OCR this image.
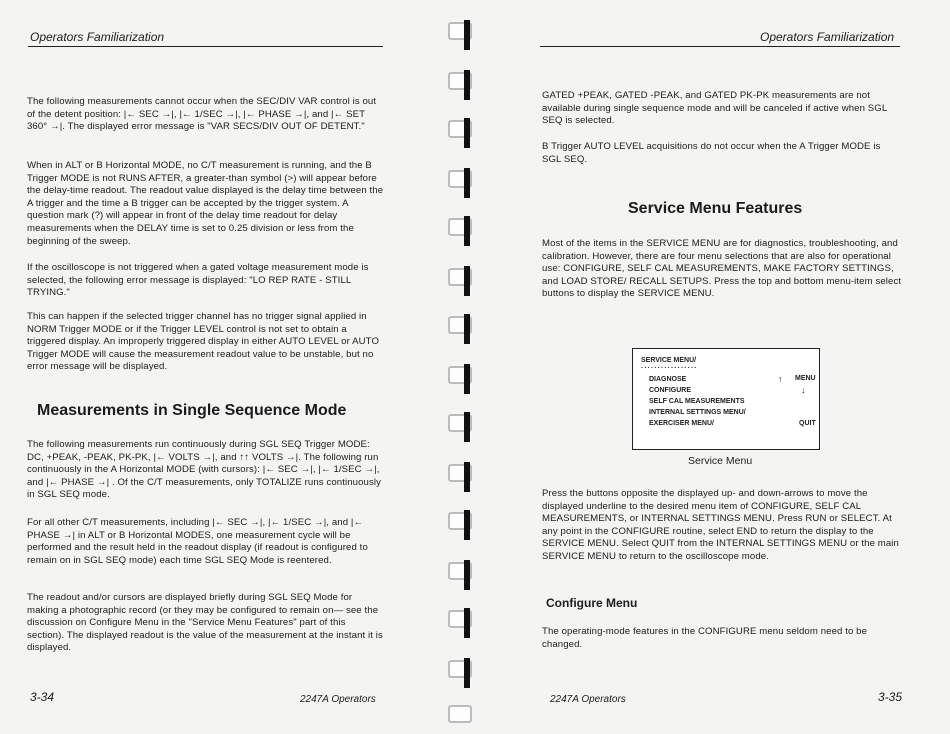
Operators Familiarization

The following measurements cannot occur when the SEC/DIV VAR control is out of the detent position: |← SEC →|, |← 1/SEC →|, |← PHASE →|, and |← SET 360° →|. The displayed error message is "VAR SECS/DIV OUT OF DETENT."

When in ALT or B Horizontal MODE, no C/T measurement is running, and the B Trigger MODE is not RUNS AFTER, a greater-than symbol (>) will appear before the delay-time readout. The readout value displayed is the delay time between the A trigger and the time a B trigger can be accepted by the trigger system. A question mark (?) will appear in front of the delay time readout for delay measurements when the DELAY time is set to 0.25 division or less from the beginning of the sweep.

If the oscilloscope is not triggered when a gated voltage measurement mode is selected, the following error message is displayed: "LO REP RATE - STILL TRYING."

This can happen if the selected trigger channel has no trigger signal applied in NORM Trigger MODE or if the Trigger LEVEL control is not set to obtain a triggered display. An improperly triggered display in either AUTO LEVEL or AUTO Trigger MODE will cause the measurement readout value to be unstable, but no error message will be displayed.

Measurements in Single Sequence Mode

The following measurements run continuously during SGL SEQ Trigger MODE: DC, +PEAK, -PEAK, PK-PK, |← VOLTS →|, and ↑↑ VOLTS →|. The following run continuously in the A Horizontal MODE (with cursors): |← SEC →|, |← 1/SEC →|, and |← PHASE →| . Of the C/T measurements, only TOTALIZE runs continuously in SGL SEQ mode.

For all other C/T measurements, including |← SEC →|, |← 1/SEC →|, and |← PHASE →| in ALT or B Horizontal MODES, one measurement cycle will be performed and the result held in the readout display (if readout is configured to remain on in SGL SEQ mode) each time SGL SEQ Mode is reentered.

The readout and/or cursors are displayed briefly during SGL SEQ Mode for making a photographic record (or they may be configured to remain on— see the discussion on Configure Menu in the "Service Menu Features" part of this section). The displayed readout is the value of the measurement at the instant it is displayed.

3-34	2247A Operators
Operators Familiarization

GATED +PEAK, GATED -PEAK, and GATED PK-PK measurements are not available during single sequence mode and will be canceled if active when SGL SEQ is selected.

B Trigger AUTO LEVEL acquisitions do not occur when the A Trigger MODE is SGL SEQ.

Service Menu Features

Most of the items in the SERVICE MENU are for diagnostics, troubleshooting, and calibration. However, there are four menu selections that are also for operational use: CONFIGURE, SELF CAL MEASUREMENTS, MAKE FACTORY SETTINGS, and LOAD STORE/ RECALL SETUPS. Press the top and bottom menu-item select buttons to display the SERVICE MENU.

Press the buttons opposite the displayed up- and down-arrows to move the displayed underline to the desired menu item of CONFIGURE, SELF CAL MEASUREMENTS, or INTERNAL SETTINGS MENU. Press RUN or SELECT. At any point in the CONFIGURE routine, select END to return the display to the SERVICE MENU. Select QUIT from the INTERNAL SETTINGS MENU or the main SERVICE MENU to return to the oscilloscope mode.

Configure Menu

The operating-mode features in the CONFIGURE menu seldom need to be changed.

2247A Operators	3-35
SERVICE MENU/
·················
DIAGNOSE
CONFIGURE
SELF CAL MEASUREMENTS
INTERNAL SETTINGS MENU/
EXERCISER MENU/
↑ MENU
↓
QUIT
Service Menu
